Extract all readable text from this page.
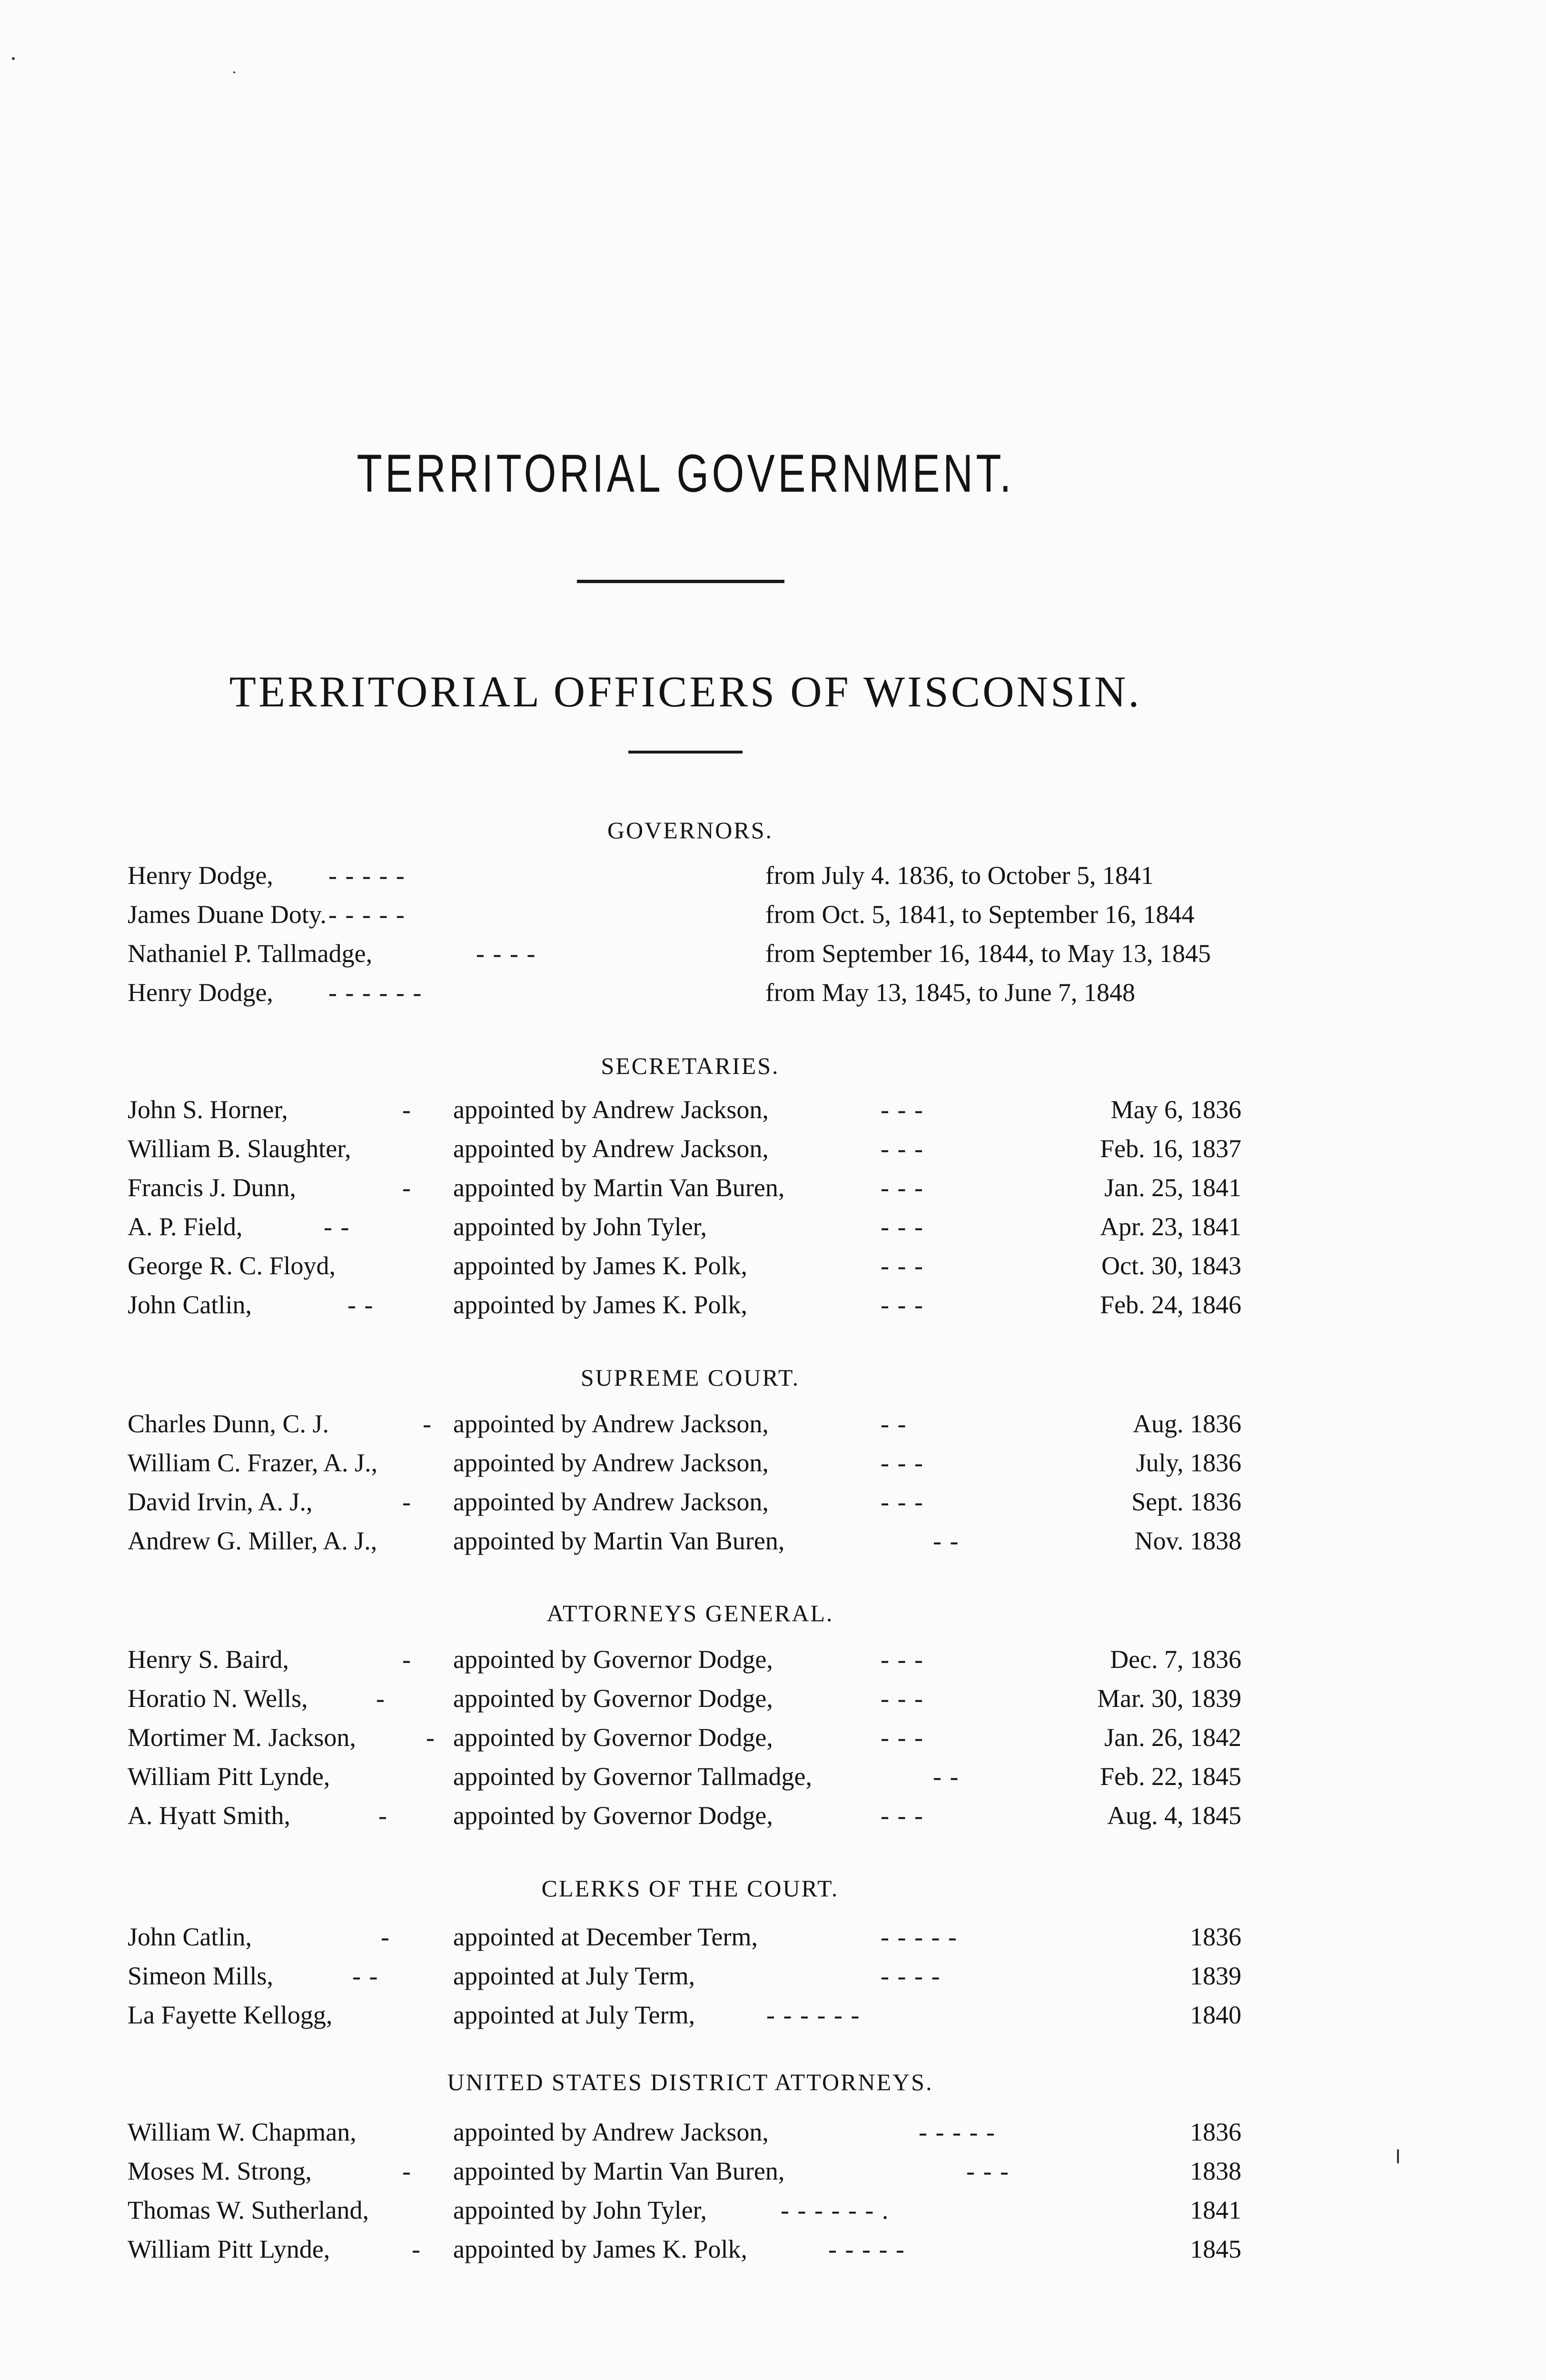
TERRITORIAL GOVERNMENT.
TERRITORIAL OFFICERS OF WISCONSIN.
GOVERNORS.
Henry Dodge, - - - - -	from July 4. 1836, to October 5, 1841
James Duane Doty. - - - - -	from Oct. 5, 1841, to September 16, 1844
Nathaniel P. Tallmadge,	- - - -	from September 16, 1844, to May 13, 1845
Henry Dodge, - - - - - -	from May 13, 1845, to June 7, 1848
SECRETARIES.
John S. Horner,	- appointed by Andrew Jackson,	- - -	May 6, 1836
William B. Slaughter,	appointed by Andrew Jackson,	- - -	Feb. 16, 1837
Francis J. Dunn,	- appointed by Martin Van Buren,	- - -	Jan. 25, 1841
A. P. Field,	- -	appointed by John Tyler,	- - -	Apr. 23, 1841
George R. C. Floyd,	appointed by James K. Polk,	- - -	Oct. 30, 1843
John Catlin,	- -	appointed by James K. Polk,	- - -	Feb. 24, 1846
SUPREME COURT.
Charles Dunn, C. J.	- appointed by Andrew Jackson,	- -	Aug. 1836
William C. Frazer, A. J.,	appointed by Andrew Jackson,	- - -	July, 1836
David Irvin, A. J.,	- appointed by Andrew Jackson,	- - -	Sept. 1836
Andrew G. Miller, A. J.,	appointed by Martin Van Buren,	- -	Nov. 1838
ATTORNEYS GENERAL.
Henry S. Baird,	- appointed by Governor Dodge,	- - -	Dec. 7, 1836
Horatio N. Wells,	-	appointed by Governor Dodge,	- - -	Mar. 30, 1839
Mortimer M. Jackson,	- appointed by Governor Dodge,	- - -	Jan. 26, 1842
William Pitt Lynde,	appointed by Governor Tallmadge,	- -	Feb. 22, 1845
A. Hyatt Smith,	-	appointed by Governor Dodge,	- - -	Aug. 4, 1845
CLERKS OF THE COURT.
John Catlin,	- appointed at December Term,	- - - - -	1836
Simeon Mills,	- -	appointed at July Term,	- - - -	1839
La Fayette Kellogg,	appointed at July Term,	- - - - - -	1840
UNITED STATES DISTRICT ATTORNEYS.
William W. Chapman,	appointed by Andrew Jackson,	- - - - -	1836
Moses M. Strong,	- appointed by Martin Van Buren,	- - -	1838
Thomas W. Sutherland,	appointed by John Tyler,	- - - - - - .	1841
William Pitt Lynde,	- appointed by James K. Polk,	- - - - -	1845
